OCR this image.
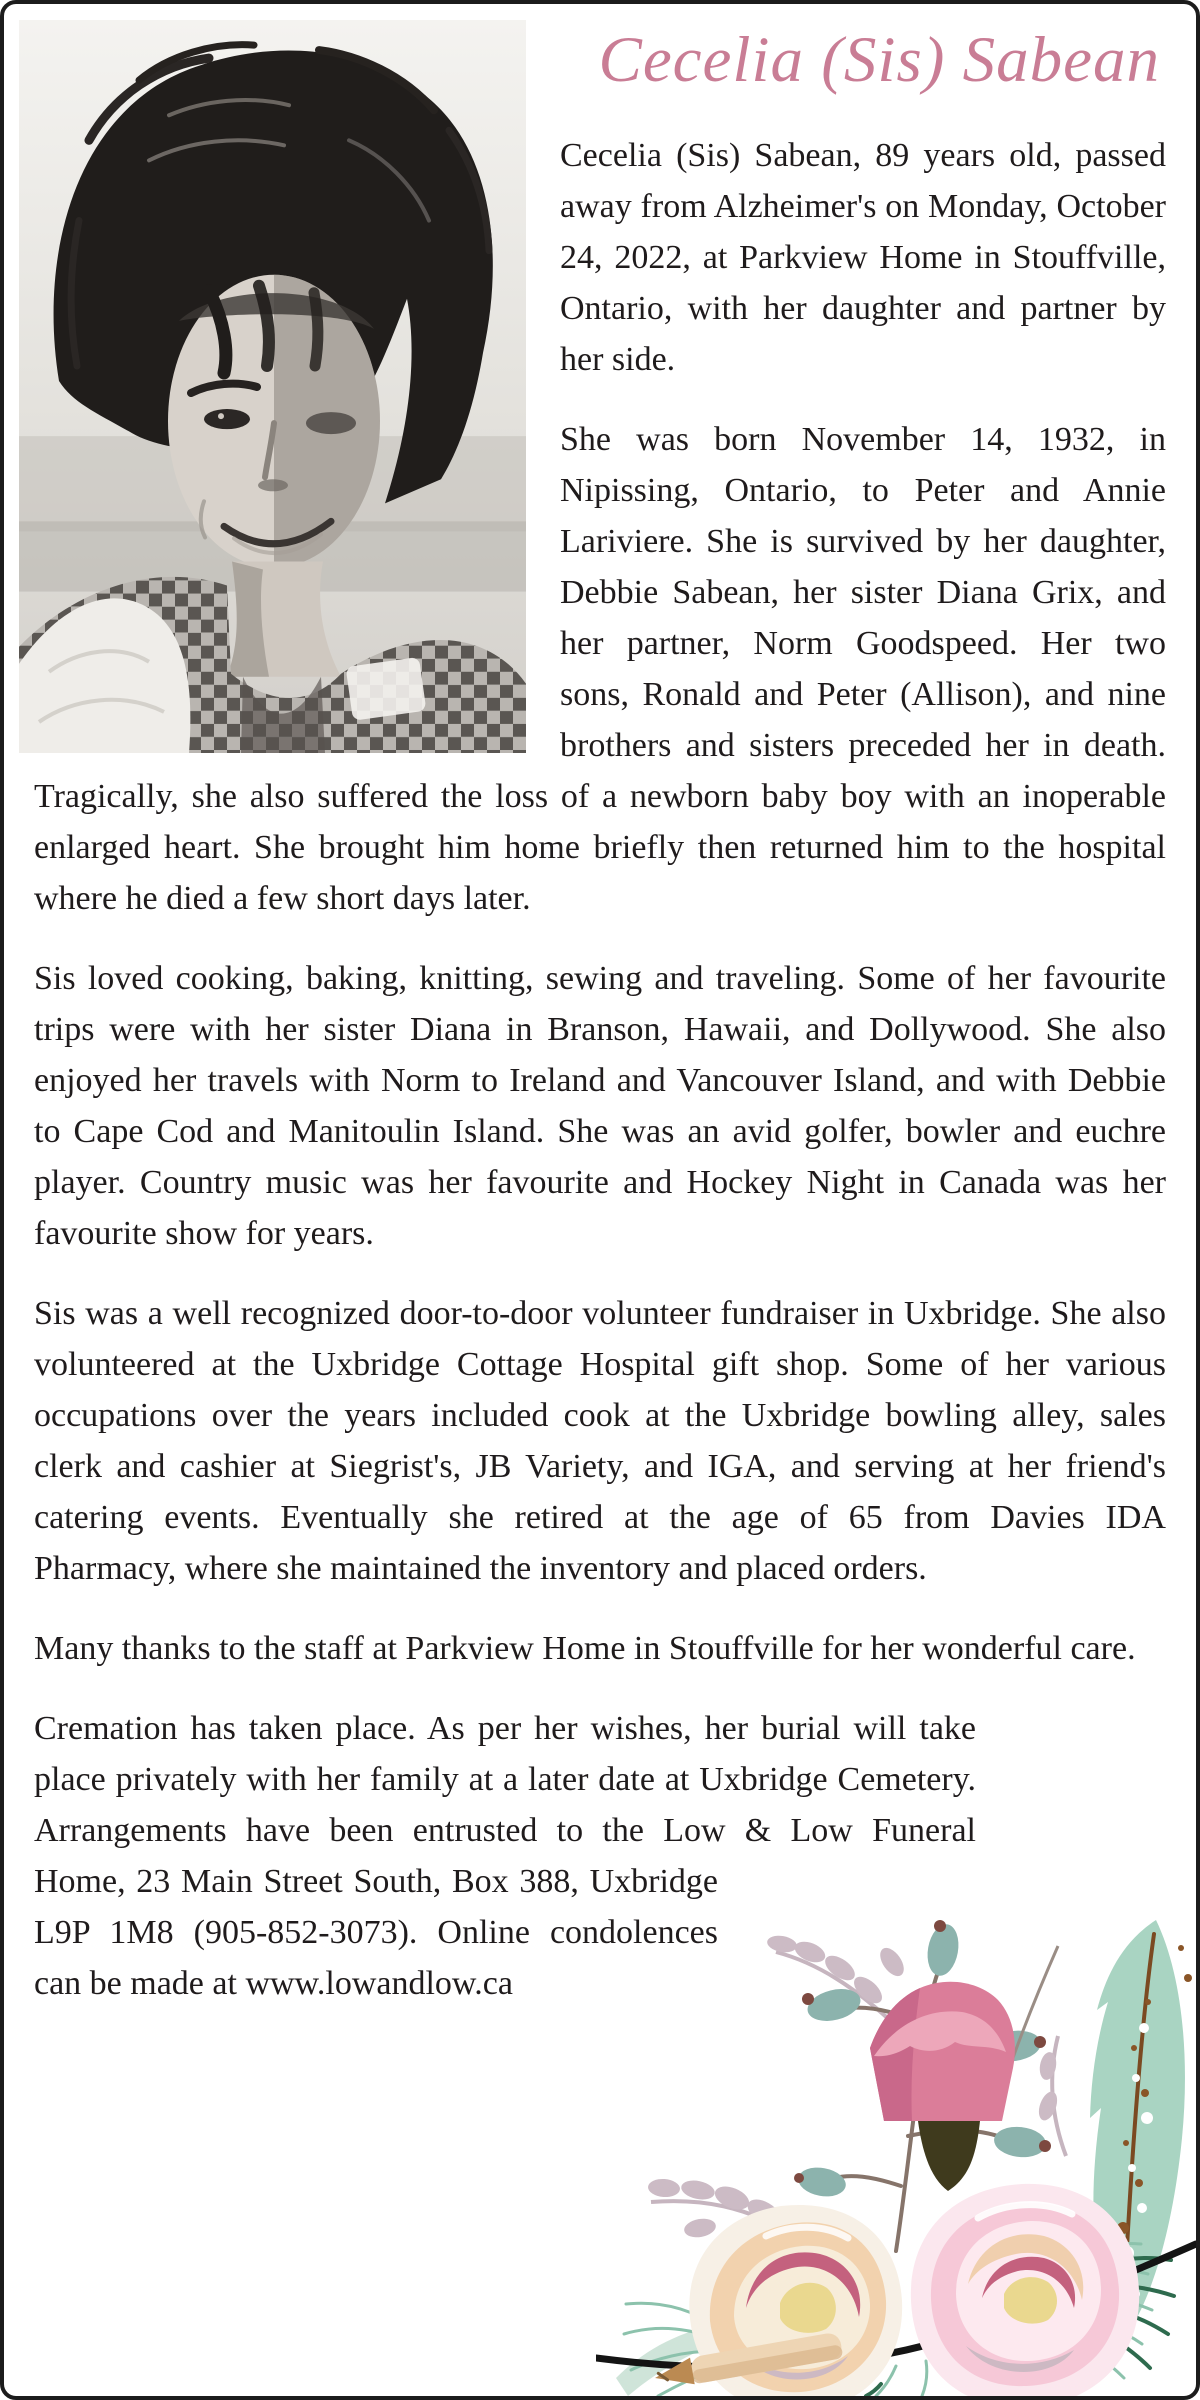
Cecelia (Sis) Sabean

Cecelia (Sis) Sabean, 89 years old, passed away from Alzheimer's on Monday, October 24, 2022, at Parkview Home in Stouffville, Ontario, with her daughter and partner by her side.

She was born November 14, 1932, in Nipissing, Ontario, to Peter and Annie Lariviere. She is survived by her daughter, Debbie Sabean, her sister Diana Grix, and her partner, Norm Goodspeed. Her two sons, Ronald and Peter (Allison), and nine brothers and sisters preceded her in death. Tragically, she also suffered the loss of a newborn baby boy with an inoperable enlarged heart. She brought him home briefly then returned him to the hospital where he died a few short days later.

Sis loved cooking, baking, knitting, sewing and traveling. Some of her favourite trips were with her sister Diana in Branson, Hawaii, and Dollywood. She also enjoyed her travels with Norm to Ireland and Vancouver Island, and with Debbie to Cape Cod and Manitoulin Island. She was an avid golfer, bowler and euchre player. Country music was her favourite and Hockey Night in Canada was her favourite show for years.

Sis was a well recognized door-to-door volunteer fundraiser in Uxbridge. She also volunteered at the Uxbridge Cottage Hospital gift shop. Some of her various occupations over the years included cook at the Uxbridge bowling alley, sales clerk and cashier at Siegrist's, JB Variety, and IGA, and serving at her friend's catering events. Eventually she retired at the age of 65 from Davies IDA Pharmacy, where she maintained the inventory and placed orders.

Many thanks to the staff at Parkview Home in Stouffville for her wonderful care.

Cremation has taken place. As per her wishes, her burial will take place privately with her family at a later date at Uxbridge Cemetery. Arrangements have been entrusted to the Low & Low Funeral Home, 23 Main Street South, Box 388, Uxbridge L9P 1M8 (905-852-3073). Online condolences can be made at www.lowandlow.ca
